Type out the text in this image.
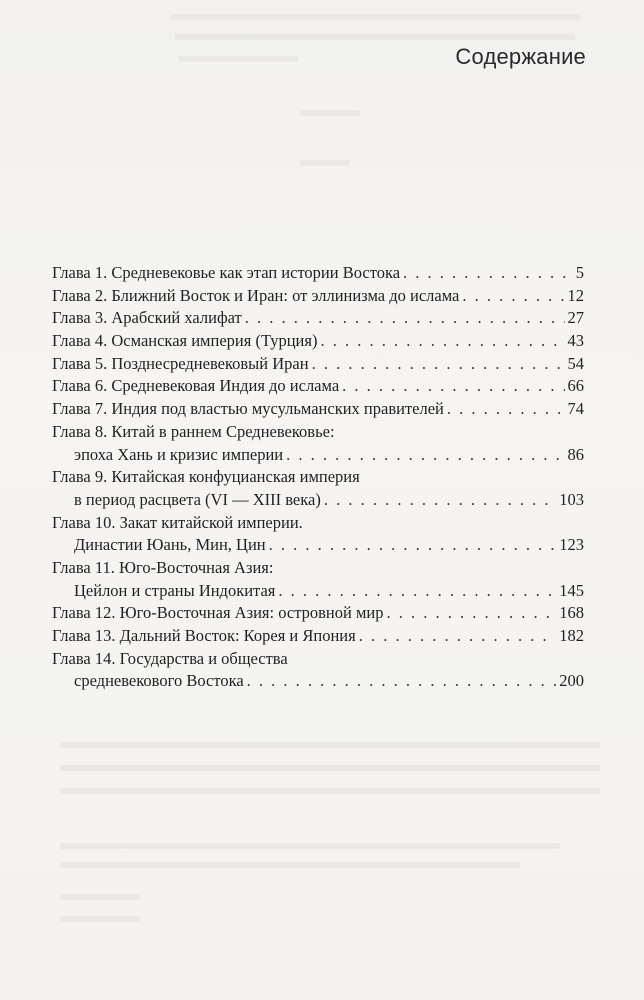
Содержание
Глава 1. Средневековье как этап истории Востока . . .	5
Глава 2. Ближний Восток и Иран: от эллинизма до ислама . . .	12
Глава 3. Арабский халифат . . .	27
Глава 4. Османская империя (Турция) . . .	43
Глава 5. Позднесредневековый Иран . . .	54
Глава 6. Средневековая Индия до ислама . . .	66
Глава 7. Индия под властью мусульманских правителей . . .	74
Глава 8. Китай в раннем Средневековье:
эпоха Хань и кризис империи . . .	86
Глава 9. Китайская конфуцианская империя
в период расцвета (VI — XIII века) . . .	103
Глава 10. Закат китайской империи.
Династии Юань, Мин, Цин . . .	123
Глава 11. Юго-Восточная Азия:
Цейлон и страны Индокитая . . .	145
Глава 12. Юго-Восточная Азия: островной мир . . .	168
Глава 13. Дальний Восток: Корея и Япония . . .	182
Глава 14. Государства и общества
средневекового Востока . . .	200
